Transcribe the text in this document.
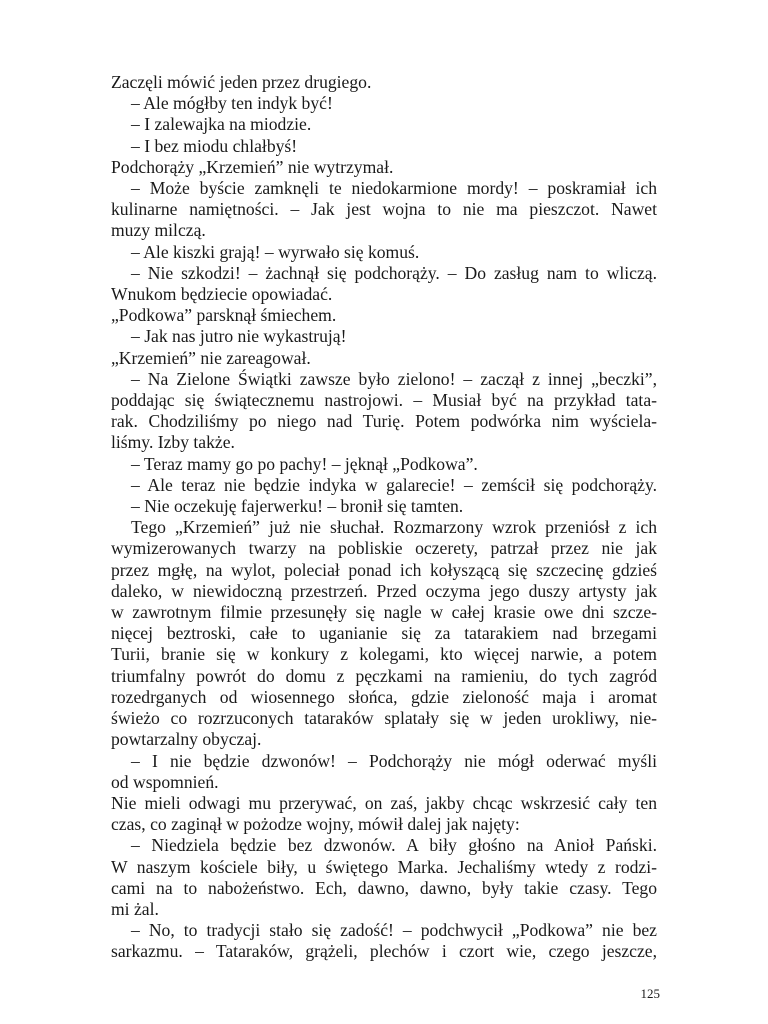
Zaczęli mówić jeden przez drugiego.
– Ale mógłby ten indyk być!
– I zalewajka na miodzie.
– I bez miodu chlałbyś!
Podchorąży „Krzemień” nie wytrzymał.
– Może byście zamknęli te niedokarmione mordy! – poskramiał ich
kulinarne namiętności. – Jak jest wojna to nie ma pieszczot. Nawet
muzy milczą.
– Ale kiszki grają! – wyrwało się komuś.
– Nie szkodzi! – żachnął się podchorąży. – Do zasług nam to wliczą.
Wnukom będziecie opowiadać.
„Podkowa” parsknął śmiechem.
– Jak nas jutro nie wykastrują!
„Krzemień” nie zareagował.
– Na Zielone Świątki zawsze było zielono! – zaczął z innej „beczki”,
poddając się świątecznemu nastrojowi. – Musiał być na przykład tata-
rak. Chodziliśmy po niego nad Turię. Potem podwórka nim wyściela-
liśmy. Izby także.
– Teraz mamy go po pachy! – jęknął „Podkowa”.
– Ale teraz nie będzie indyka w galarecie! – zemścił się podchorąży.
– Nie oczekuję fajerwerku! – bronił się tamten.
Tego „Krzemień” już nie słuchał. Rozmarzony wzrok przeniósł z ich
wymizerowanych twarzy na pobliskie oczerety, patrzał przez nie jak
przez mgłę, na wylot, poleciał ponad ich kołyszącą się szczecinę gdzieś
daleko, w niewidoczną przestrzeń. Przed oczyma jego duszy artysty jak
w zawrotnym filmie przesunęły się nagle w całej krasie owe dni szcze-
nięcej beztroski, całe to uganianie się za tatarakiem nad brzegami
Turii, branie się w konkury z kolegami, kto więcej narwie, a potem
triumfalny powrót do domu z pęczkami na ramieniu, do tych zagród
rozedrganych od wiosennego słońca, gdzie zieloność maja i aromat
świeżo co rozrzuconych tataraków splatały się w jeden urokliwy, nie-
powtarzalny obyczaj.
– I nie będzie dzwonów! – Podchorąży nie mógł oderwać myśli
od wspomnień.
Nie mieli odwagi mu przerywać, on zaś, jakby chcąc wskrzesić cały ten
czas, co zaginął w pożodze wojny, mówił dalej jak najęty:
– Niedziela będzie bez dzwonów. A biły głośno na Anioł Pański.
W naszym kościele biły, u świętego Marka. Jechaliśmy wtedy z rodzi-
cami na to nabożeństwo. Ech, dawno, dawno, były takie czasy. Tego
mi żal.
– No, to tradycji stało się zadość! – podchwycił „Podkowa” nie bez
sarkazmu. – Tataraków, grążeli, plechów i czort wie, czego jeszcze,
125
